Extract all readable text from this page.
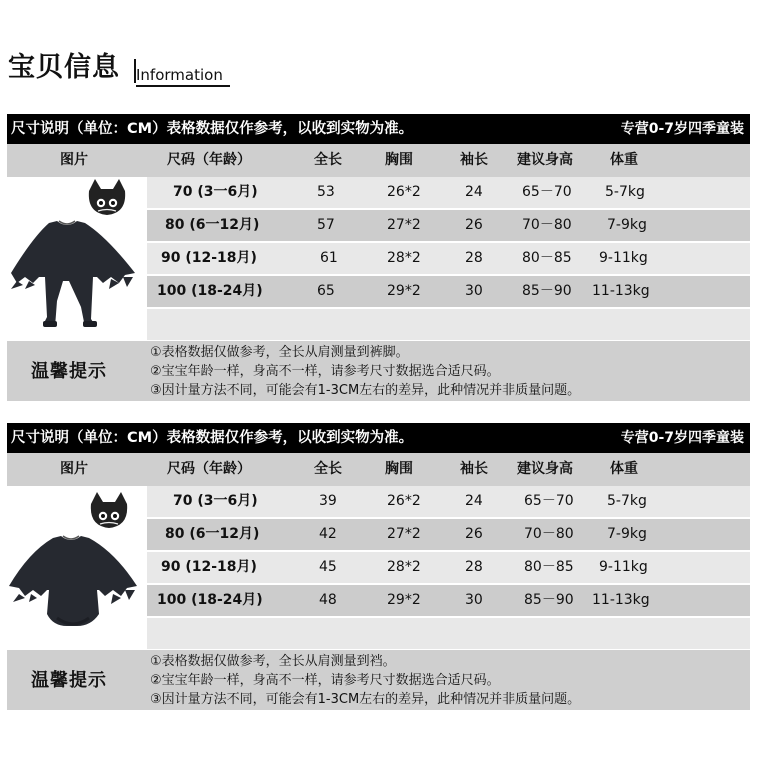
宝贝信息 Information
尺寸说明（单位：CM）表格数据仅作参考，以收到实物为准。	专营0-7岁四季童装
图片	尺码（年龄）	全长	胸围	袖长 建议身高	体重
70 (3一6月)	53	26*2	24	65－70 5-7kg
80 (6一12月)	57	27*2	26	70－80	7-9kg
90 (12-18月)	61	28*2	28	80－85 9-11kg
100 (18-24月)	65	29*2	30	85－90 11-13kg
温馨提示
①表格数据仅做参考，全长从肩测量到裤脚。
②宝宝年龄一样，身高不一样，请参考尺寸数据选合适尺码。
③因计量方法不同，可能会有1-3CM左右的差异，此种情况并非质量问题。
尺寸说明（单位：CM）表格数据仅作参考，以收到实物为准。	专营0-7岁四季童装
图片	尺码（年龄）	全长	胸围	袖长 建议身高	体重
70 (3一6月)	39	26*2	24	65－70 5-7kg
80 (6一12月)	42	27*2	26	70－80 7-9kg
90 (12-18月)	45	28*2	28	80－85 9-11kg
100 (18-24月)	48	29*2	30	85－90 11-13kg
温馨提示
①表格数据仅做参考，全长从肩测量到裆。
②宝宝年龄一样，身高不一样，请参考尺寸数据选合适尺码。
③因计量方法不同，可能会有1-3CM左右的差异，此种情况并非质量问题。
